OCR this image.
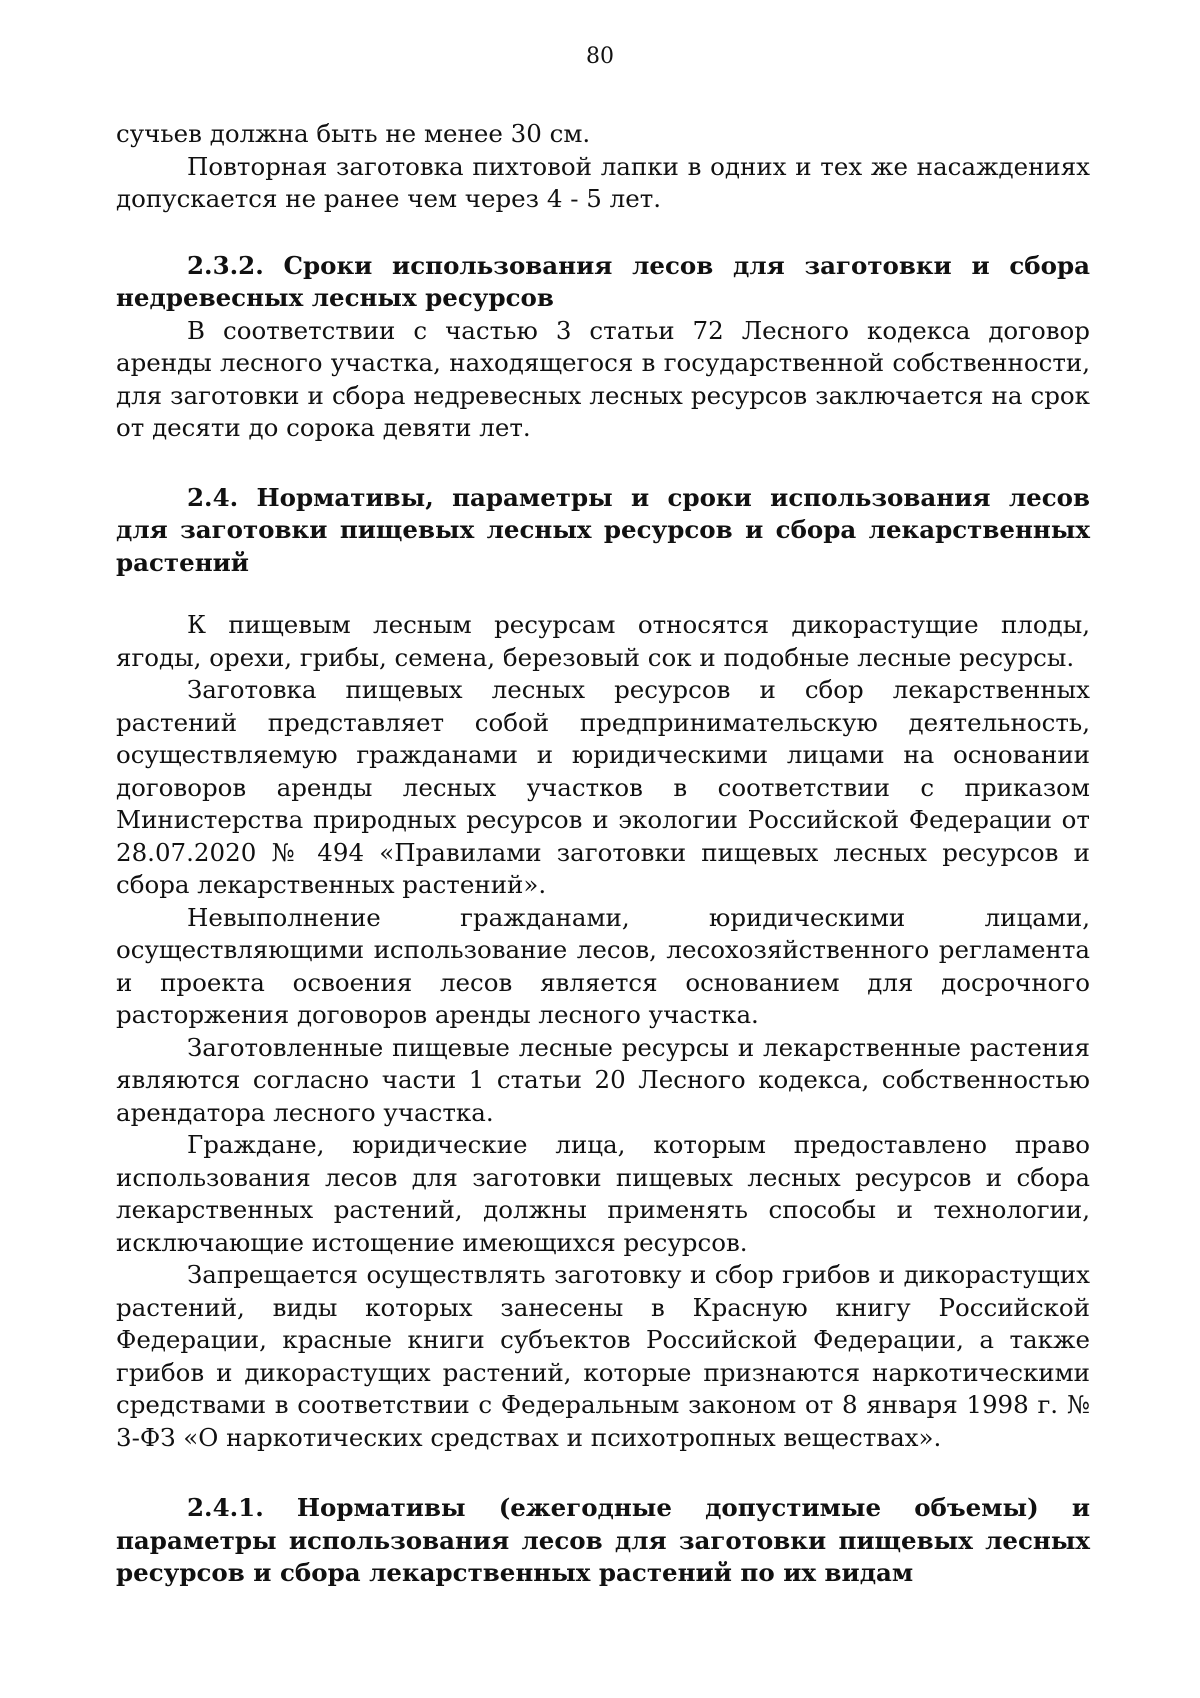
80

сучьев должна быть не менее 30 см.

Повторная заготовка пихтовой лапки в одних и тех же насаждениях допускается не ранее чем через 4 - 5 лет.

2.3.2. Сроки использования лесов для заготовки и сбора недревесных лесных ресурсов

В соответствии с частью 3 статьи 72 Лесного кодекса договор аренды лесного участка, находящегося в государственной собственности, для заготовки и сбора недревесных лесных ресурсов заключается на срок от десяти до сорока девяти лет.

2.4. Нормативы, параметры и сроки использования лесов для заготовки пищевых лесных ресурсов и сбора лекарственных растений

К пищевым лесным ресурсам относятся дикорастущие плоды, ягоды, орехи, грибы, семена, березовый сок и подобные лесные ресурсы.

Заготовка пищевых лесных ресурсов и сбор лекарственных растений представляет собой предпринимательскую деятельность, осуществляемую гражданами и юридическими лицами на основании договоров аренды лесных участков в соответствии с приказом Министерства природных ресурсов и экологии Российской Федерации от 28.07.2020 № 494 «Правилами заготовки пищевых лесных ресурсов и сбора лекарственных растений».

Невыполнение гражданами, юридическими лицами, осуществляющими использование лесов, лесохозяйственного регламента и проекта освоения лесов является основанием для досрочного расторжения договоров аренды лесного участка.

Заготовленные пищевые лесные ресурсы и лекарственные растения являются согласно части 1 статьи 20 Лесного кодекса, собственностью арендатора лесного участка.

Граждане, юридические лица, которым предоставлено право использования лесов для заготовки пищевых лесных ресурсов и сбора лекарственных растений, должны применять способы и технологии, исключающие истощение имеющихся ресурсов.

Запрещается осуществлять заготовку и сбор грибов и дикорастущих растений, виды которых занесены в Красную книгу Российской Федерации, красные книги субъектов Российской Федерации, а также грибов и дикорастущих растений, которые признаются наркотическими средствами в соответствии с Федеральным законом от 8 января 1998 г. № 3-ФЗ «О наркотических средствах и психотропных веществах».

2.4.1. Нормативы (ежегодные допустимые объемы) и параметры использования лесов для заготовки пищевых лесных ресурсов и сбора лекарственных растений по их видам
